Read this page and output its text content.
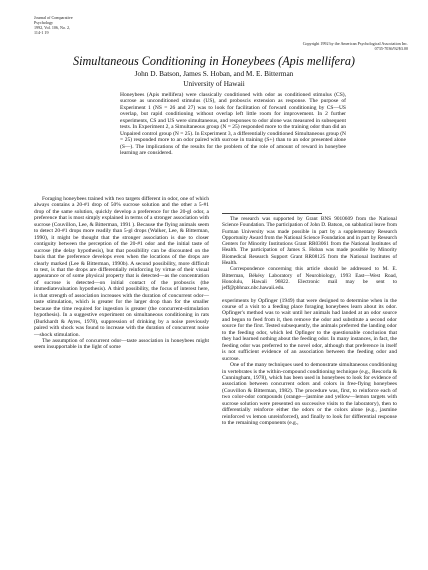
Journal of Comparative
Psychology
1992, Vol. 106, No. 2,
114-1 19
Copyright 1992 by the American Psychological Association Inc.
0735-7036/92/$3.00
Simultaneous Conditioning in Honeybees (Apis mellifera)
John D. Batson, James S. Hoban, and M. E. Bitterman
University of Hawaii

Honeybees (Apis mellifera) were classically conditioned with odor as conditioned stimulus (CS), sucrose as unconditioned stimulus (US), and proboscis extension as response. The purpose of Experiment 1 (NS = 26 and 27) was to look for facilitation of forward conditioning by CS—US overlap, but rapid conditioning without overlap left little room for improvement. In 2 further experiments, CS and US were simultaneous, and responses to odor alone was measured in subsequent tests. In Experiment 2, a Simultaneous group (N = 25) responded more to the training odor than did an Unpaired control group (N = 25). In Experiment 3, a differentially conditioned Simultaneous group (N = 25) responded more to an odor paired with sucrose in training (S+) than to an odor presented alone (S—). The implications of the results for the problem of the role of amount of reward in honeybee learning are considered.

Foraging honeybees trained with two targets different in odor, one of which always contains a 20-#1 drop of 50% sucrose solution and the other a 5-#1 drop of the same solution, quickly develop a preference for the 20-gl odor, a preference that is most simply explained in terms of a stronger association with sucrose (Couvillon, Lee, & Bitterman, 1991 ). Because the flying animals seem to detect 20-#1 drops more readily than 5-gl drops (Walker, Lee, & Bitterman, 1990), it might be thought that the stronger association is due to closer contiguity between the perception of the 20-#1 odor and the initial taste of sucrose (the delay hypothesis), but that possibility can be discounted on the basis that the preference develops even when the locations of the drops are clearly marked (Lee & Bitterman, 1990b). A second possibility, more difficult to test, is that the drops are differentially reinforcing by virtue of their visual appearance or of some physical property that is detected—as the concentration of sucrose is detected—on initial contact of the proboscis (the immediatevaluation hypothesis). A third possibility, the focus of interest here, is that strength of association increases with the duration of concurrent odor—taste stimulation, which is greater for the larger drop than for the smaller because the time required for ingestion is greater (the concurrent-stimulation hypothesis). In a suggestive experiment on simultaneous conditioning in rats (Burkhardt & Ayres, 1978), suppression of drinking by a noise previously paired with shock was found to increase with the duration of concurrent noise—shock stimulation.

The assumption of concurrent odor—taste association in honeybees might seem insupportable in the light of some

The research was supported by Grant BNS 9010609 from the National Science Foundation. The participation of John D. Batson, on sabbatical leave from Furman University was made possible in part by a supplementary Research Opportunity Award from the National Science Foundation and in part by Research Centers for Minority Institutions Grant RR03061 from the National Institutes of Health. The participation of James S. Hoban was made possible by Minority Biomedical Research Support Grant RR08125 from the National Institutes of Health.

Correspondence concerning this article should be addressed to M. E. Bitterman, Békésy Laboratory of Neurobiology, 1993 East—West Road, Honolulu, Hawaii 96822. Electronic mail may be sent to jeff@pbhnax.nbc.hawaii.edu.

experiments by Opfinger (1949) that were designed to determine when in the course of a visit to a feeding place foraging honeybees learn about its odor. Opfinger's method was to wait until her animals had landed at an odor source and begun to feed from it, then remove the odor and substitute a second odor source for the first. Tested subsequently, the animals preferred the landing odor to the feeding odor, which led Opfinger to the questionable conclusion that they had learned nothing about the feeding odor. In many instances, in fact, the feeding odor was preferred to the novel odor, although that preference in itself is not sufficient evidence of an association between the feeding odor and sucrose.

One of the many techniques used to demonstrate simultaneous conditioning in vertebrates is the within-compound conditioning technique (e.g., Rescorla & Cunningham, 1978), which has been used in honeybees to look for evidence of association between concurrent odors and colors in free-flying honeybees (Couvillon & Bitterman, 1982). The procedure was, first, to reinforce each of two color-odor compounds (orange—jasmine and yellow—lemon targets with sucrose solution were presented on successive visits to the laboratory), then to differentially reinforce either the odors or the colors alone (e.g., jasmine reinforced vs lemon unreinforced), and finally to look for differential response to the remaining components (e.g.,
